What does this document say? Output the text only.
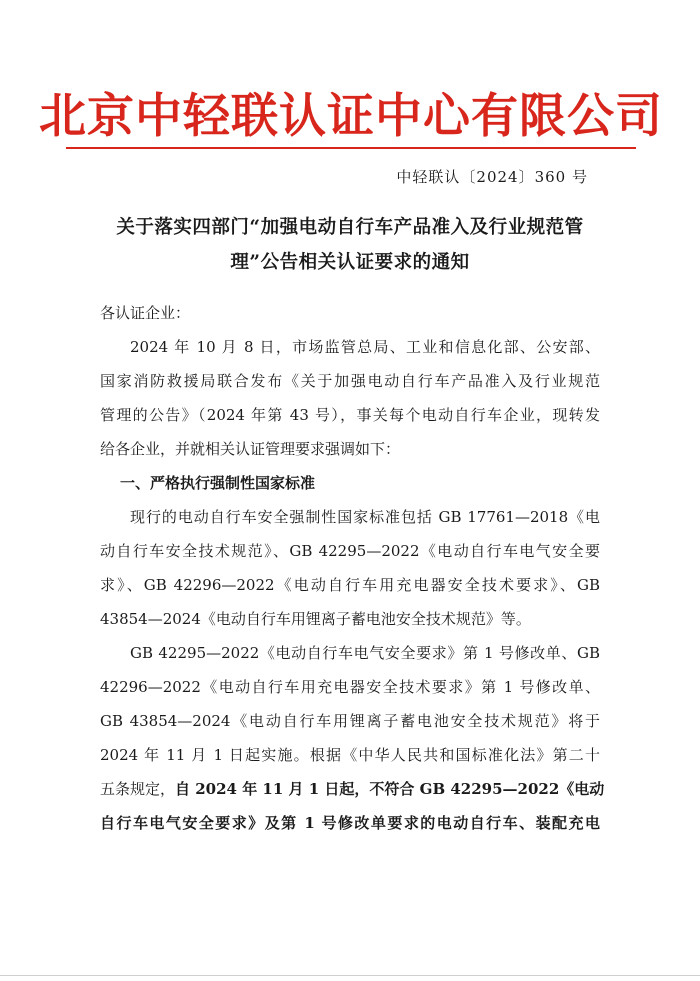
北京中轻联认证中心有限公司
中轻联认〔2024〕360 号
关于落实四部门“加强电动自行车产品准入及行业规范管
理”公告相关认证要求的通知
各认证企业：
2024 年 10 月 8 日，市场监管总局、工业和信息化部、公安部、
国家消防救援局联合发布《关于加强电动自行车产品准入及行业规范
管理的公告》（2024 年第 43 号），事关每个电动自行车企业，现转发
给各企业，并就相关认证管理要求强调如下：
一、严格执行强制性国家标准
现行的电动自行车安全强制性国家标准包括 GB 17761—2018《电
动自行车安全技术规范》、GB 42295—2022《电动自行车电气安全要
求》、GB 42296—2022《电动自行车用充电器安全技术要求》、GB
43854—2024《电动自行车用锂离子蓄电池安全技术规范》等。
GB 42295—2022《电动自行车电气安全要求》第 1 号修改单、GB
42296—2022《电动自行车用充电器安全技术要求》第 1 号修改单、
GB 43854—2024《电动自行车用锂离子蓄电池安全技术规范》将于
2024 年 11 月 1 日起实施。根据《中华人民共和国标准化法》第二十
五条规定，自 2024 年 11 月 1 日起，不符合 GB 42295—2022《电动
自行车电气安全要求》及第 1 号修改单要求的电动自行车、装配充电
